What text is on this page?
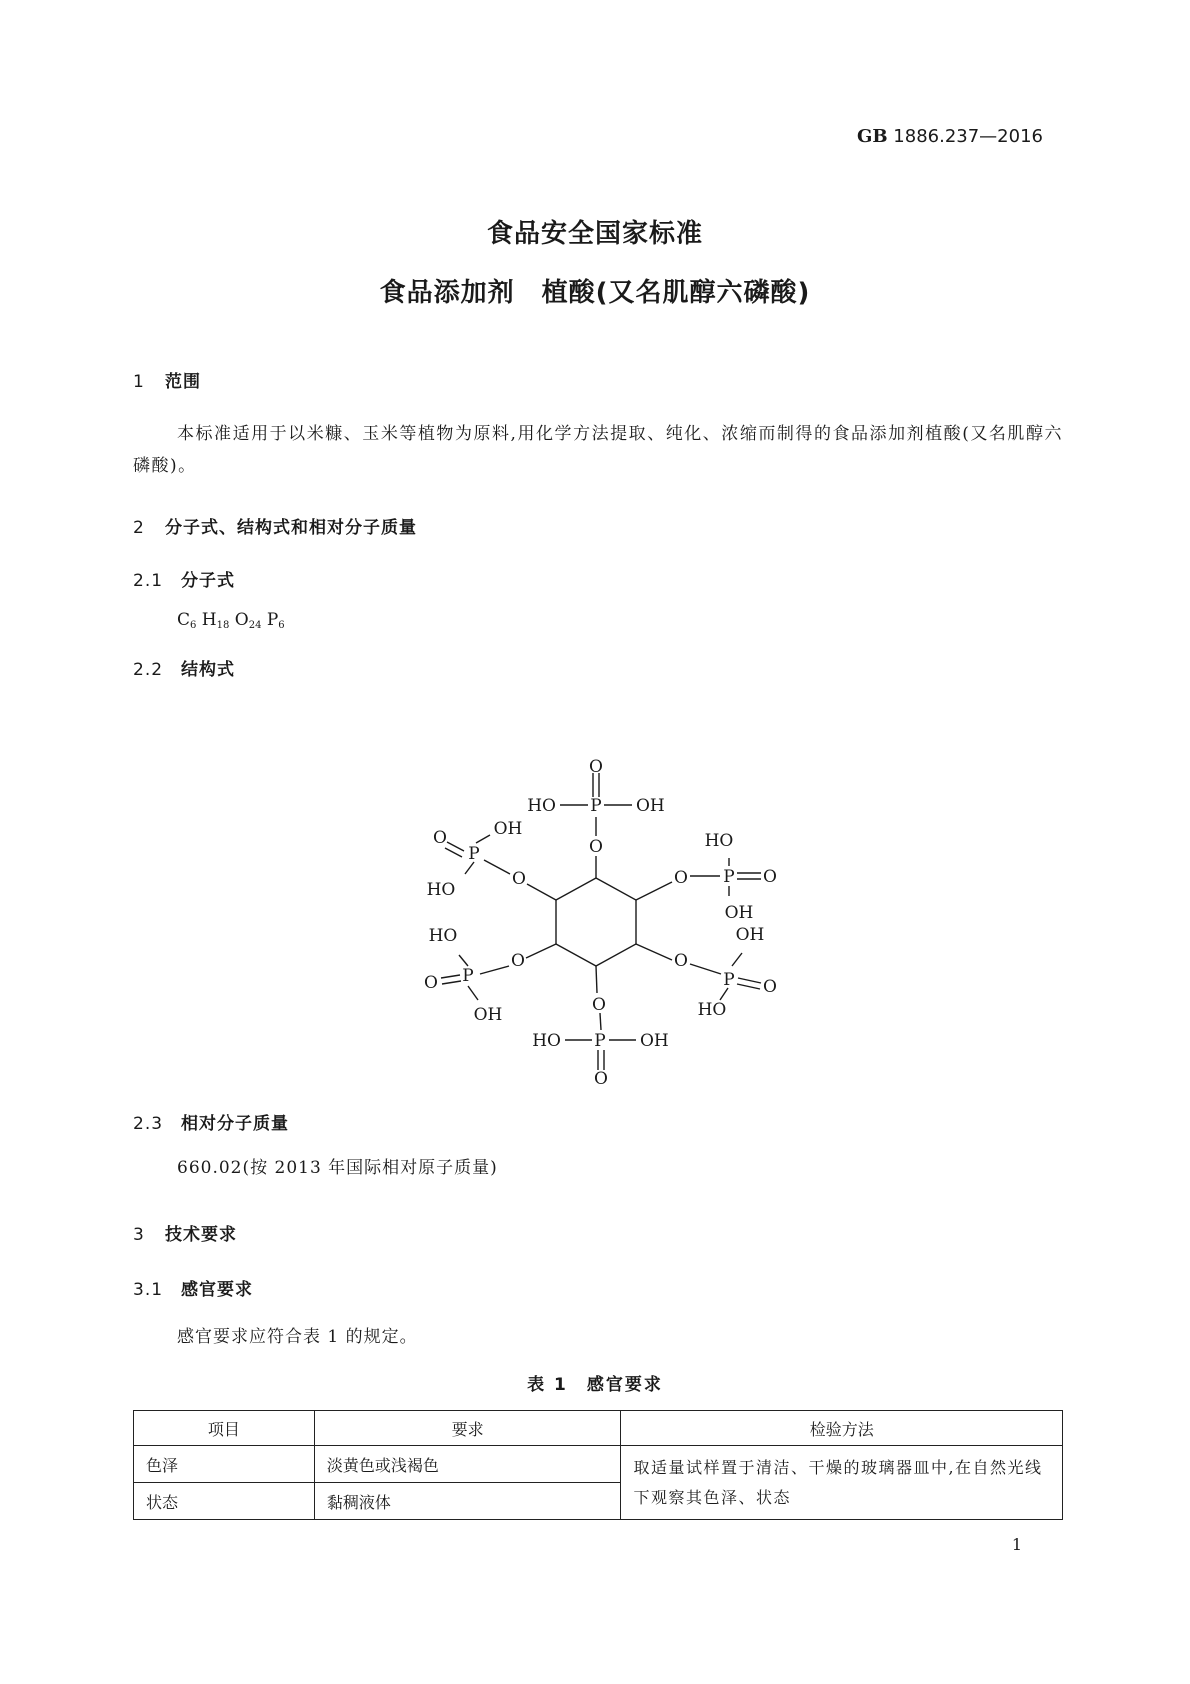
GB 1886.237—2016
食品安全国家标准
食品添加剂　植酸(又名肌醇六磷酸)
1 范围

本标准适用于以米糠、玉米等植物为原料,用化学方法提取、纯化、浓缩而制得的食品添加剂植酸(又名肌醇六磷酸)。

2 分子式、结构式和相对分子质量
2.1 分子式
$C_6$ $H_{18}$ $O_{24}$ $P_6$
2.2 结构式
O
P
HO	OH
O
O
P
O	OH
HO
O P O
HO
OH
O
P
O
HO
OH
O
P O
OH
HO
O
P
HO	OH
O
2.3 相对分子质量
660.02(按 2013 年国际相对原子质量)
3 技术要求
3.1 感官要求
感官要求应符合表 1 的规定。
表 1　感官要求
项目	要求	检验方法
色泽	淡黄色或浅褐色	取适量试样置于清洁、干燥的玻璃器皿中,在自然光线下观察其色泽、状态
状态	黏稠液体	
1
